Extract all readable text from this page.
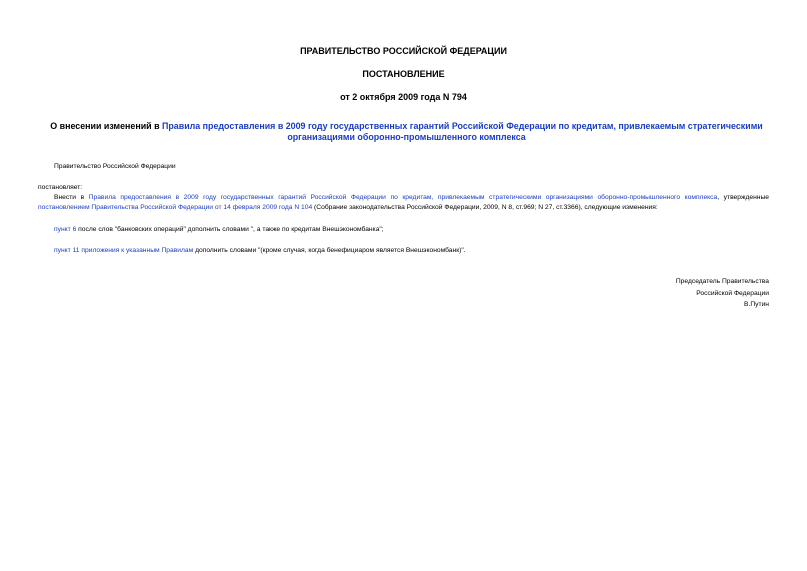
ПРАВИТЕЛЬСТВО РОССИЙСКОЙ ФЕДЕРАЦИИ
ПОСТАНОВЛЕНИЕ
от 2 октября 2009 года N 794
О внесении изменений в Правила предоставления в 2009 году государственных гарантий Российской Федерации по кредитам, привлекаемым стратегическими организациями оборонно-промышленного комплекса
Правительство Российской Федерации
постановляет:
Внести в Правила предоставления в 2009 году государственных гарантий Российской Федерации по кредитам, привлекаемым стратегическими организациями оборонно-промышленного комплекса, утвержденные постановлением Правительства Российской Федерации от 14 февраля 2009 года N 104 (Собрание законодательства Российской Федерации, 2009, N 8, ст.969; N 27, ст.3366), следующие изменения:
пункт 6 после слов "банковских операций" дополнить словами ", а также по кредитам Внешэкономбанка";
пункт 11 приложения к указанным Правилам дополнить словами "(кроме случая, когда бенефициаром является Внешэкономбанк)".
Председатель Правительства
Российской Федерации
В.Путин
